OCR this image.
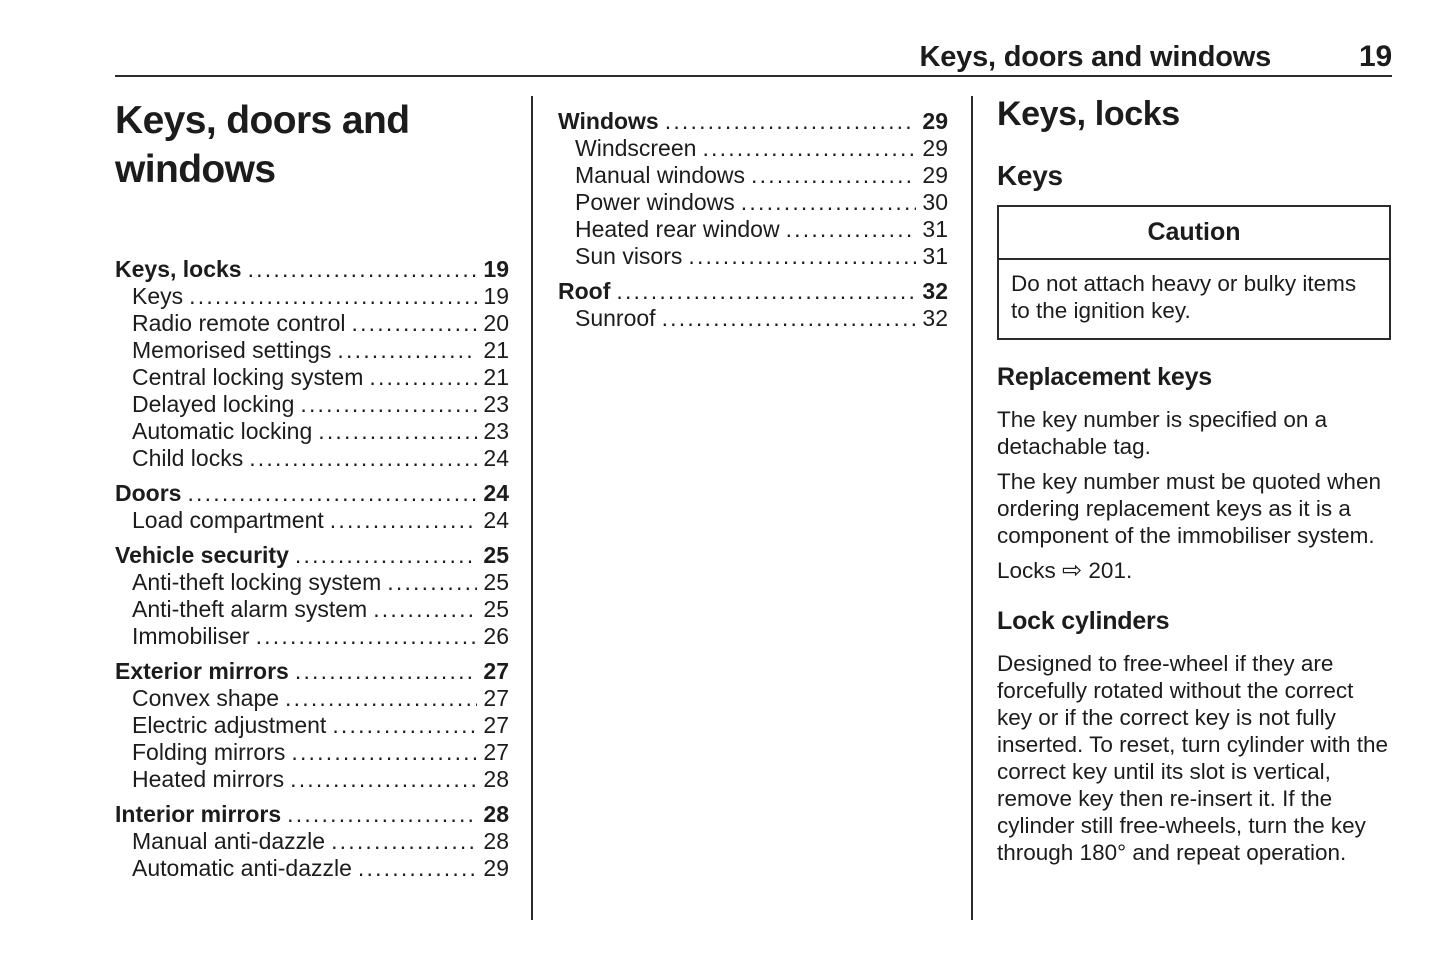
Keys, doors and windows	19
Keys, doors and windows
Keys, locks .....	19
Keys .....	19
Radio remote control .....	20
Memorised settings .....	21
Central locking system .....	21
Delayed locking .....	23
Automatic locking .....	23
Child locks .....	24
Doors .....	24
Load compartment .....	24
Vehicle security .....	25
Anti-theft locking system .....	25
Anti-theft alarm system .....	25
Immobiliser .....	26
Exterior mirrors .....	27
Convex shape .....	27
Electric adjustment .....	27
Folding mirrors .....	27
Heated mirrors .....	28
Interior mirrors .....	28
Manual anti-dazzle .....	28
Automatic anti-dazzle .....	29
Windows .....	29
Windscreen .....	29
Manual windows .....	29
Power windows .....	30
Heated rear window .....	31
Sun visors .....	31
Roof .....	32
Sunroof .....	32
Keys, locks
Keys
Caution
Do not attach heavy or bulky items to the ignition key.
Replacement keys

The key number is specified on a detachable tag.

The key number must be quoted when ordering replacement keys as it is a component of the immobiliser system.

Locks ⇨ 201.

Lock cylinders

Designed to free-wheel if they are forcefully rotated without the correct key or if the correct key is not fully inserted. To reset, turn cylinder with the correct key until its slot is vertical, remove key then re-insert it. If the cylinder still free-wheels, turn the key through 180° and repeat operation.
